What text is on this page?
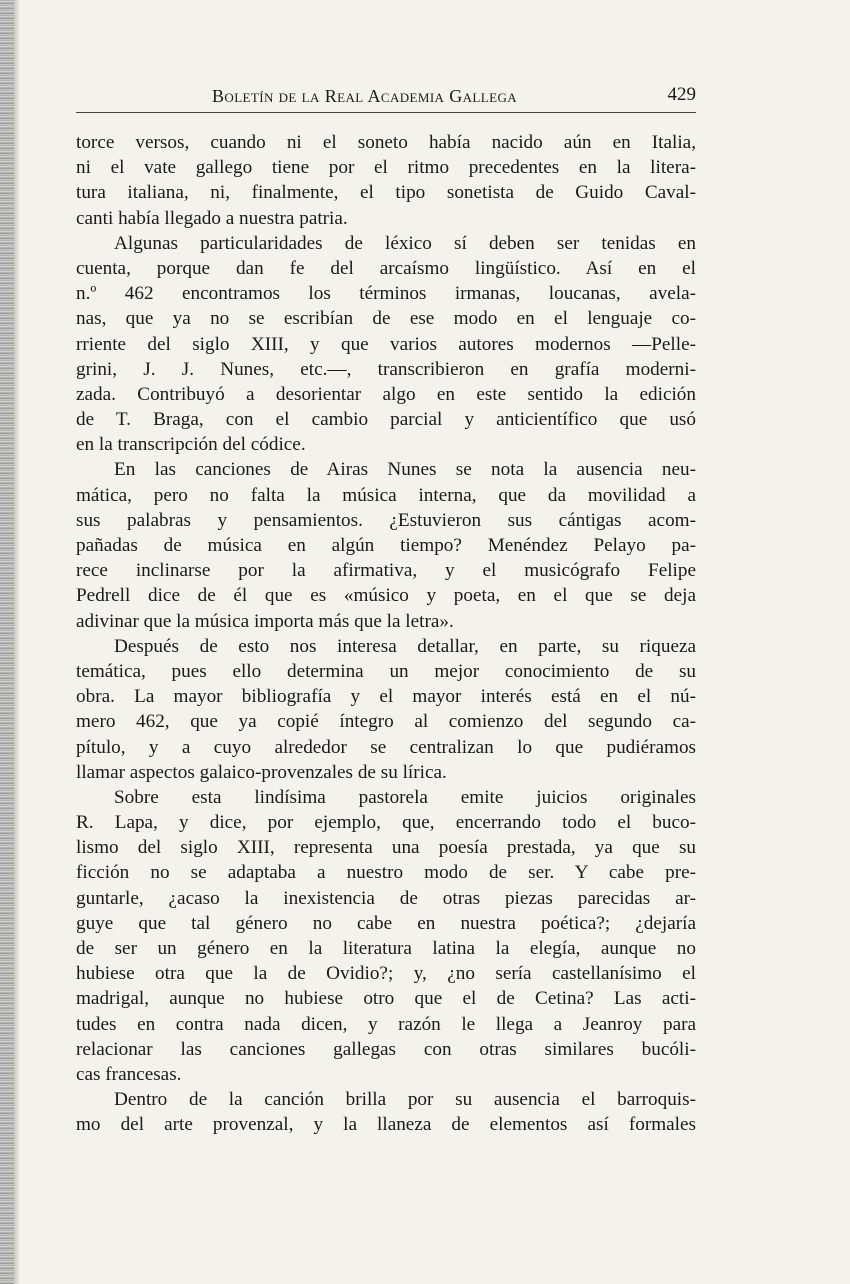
Boletín de la Real Academia Gallega	429
torce versos, cuando ni el soneto había nacido aún en Italia,
ni el vate gallego tiene por el ritmo precedentes en la litera-
tura italiana, ni, finalmente, el tipo sonetista de Guido Caval-
canti había llegado a nuestra patria.
Algunas particularidades de léxico sí deben ser tenidas en
cuenta, porque dan fe del arcaísmo lingüístico. Así en el
n.º 462 encontramos los términos irmanas, loucanas, avela-
nas, que ya no se escribían de ese modo en el lenguaje co-
rriente del siglo XIII, y que varios autores modernos —Pelle-
grini, J. J. Nunes, etc.—, transcribieron en grafía moderni-
zada. Contribuyó a desorientar algo en este sentido la edición
de T. Braga, con el cambio parcial y anticientífico que usó
en la transcripción del códice.
En las canciones de Airas Nunes se nota la ausencia neu-
mática, pero no falta la música interna, que da movilidad a
sus palabras y pensamientos. ¿Estuvieron sus cántigas acom-
pañadas de música en algún tiempo? Menéndez Pelayo pa-
rece inclinarse por la afirmativa, y el musicógrafo Felipe
Pedrell dice de él que es «músico y poeta, en el que se deja
adivinar que la música importa más que la letra».
Después de esto nos interesa detallar, en parte, su riqueza
temática, pues ello determina un mejor conocimiento de su
obra. La mayor bibliografía y el mayor interés está en el nú-
mero 462, que ya copié íntegro al comienzo del segundo ca-
pítulo, y a cuyo alrededor se centralizan lo que pudiéramos
llamar aspectos galaico-provenzales de su lírica.
Sobre esta lindísima pastorela emite juicios originales
R. Lapa, y dice, por ejemplo, que, encerrando todo el buco-
lismo del siglo XIII, representa una poesía prestada, ya que su
ficción no se adaptaba a nuestro modo de ser. Y cabe pre-
guntarle, ¿acaso la inexistencia de otras piezas parecidas ar-
guye que tal género no cabe en nuestra poética?; ¿dejaría
de ser un género en la literatura latina la elegía, aunque no
hubiese otra que la de Ovidio?; y, ¿no sería castellanísimo el
madrigal, aunque no hubiese otro que el de Cetina? Las acti-
tudes en contra nada dicen, y razón le llega a Jeanroy para
relacionar las canciones gallegas con otras similares bucóli-
cas francesas.
Dentro de la canción brilla por su ausencia el barroquis-
mo del arte provenzal, y la llaneza de elementos así formales
